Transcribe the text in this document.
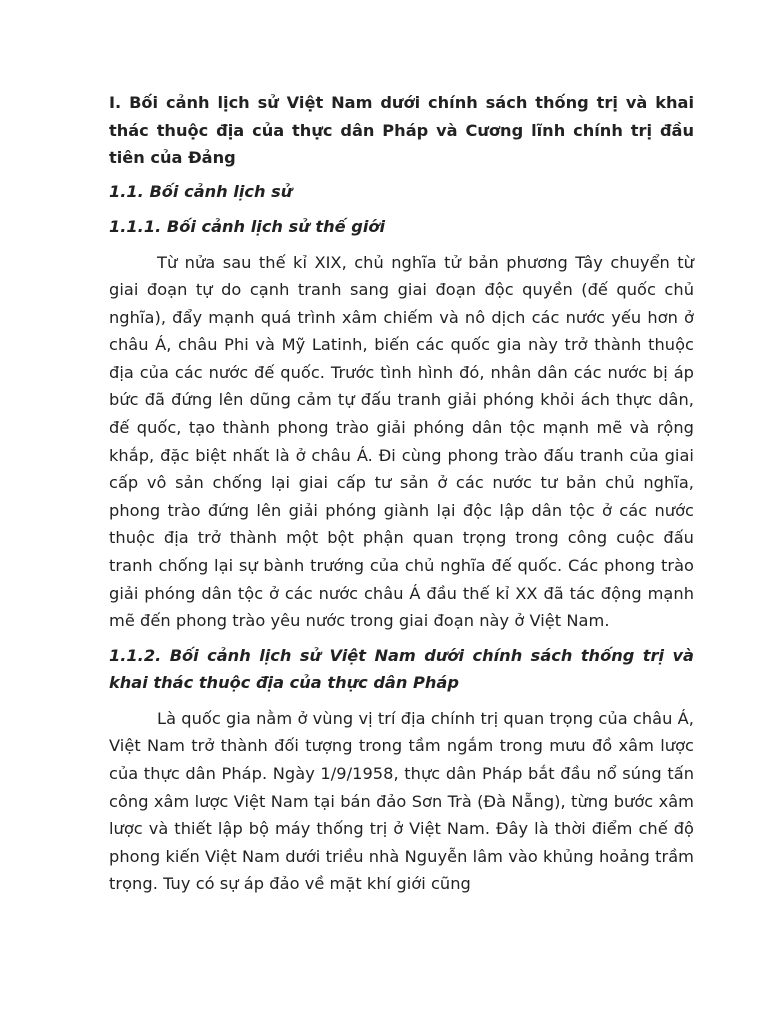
I. Bối cảnh lịch sử Việt Nam dưới chính sách thống trị và khai thác thuộc địa của thực dân Pháp và Cương lĩnh chính trị đầu tiên của Đảng
1.1. Bối cảnh lịch sử
1.1.1. Bối cảnh lịch sử thế giới

Từ nửa sau thế kỉ XIX, chủ nghĩa tử bản phương Tây chuyển từ giai đoạn tự do cạnh tranh sang giai đoạn độc quyền (đế quốc chủ nghĩa), đẩy mạnh quá trình xâm chiếm và nô dịch các nước yếu hơn ở châu Á, châu Phi và Mỹ Latinh, biến các quốc gia này trở thành thuộc địa của các nước đế quốc. Trước tình hình đó, nhân dân các nước bị áp bức đã đứng lên dũng cảm tự đấu tranh giải phóng khỏi ách thực dân, đế quốc, tạo thành phong trào giải phóng dân tộc mạnh mẽ và rộng khắp, đặc biệt nhất là ở châu Á. Đi cùng phong trào đấu tranh của giai cấp vô sản chống lại giai cấp tư sản ở các nước tư bản chủ nghĩa, phong trào đứng lên giải phóng giành lại độc lập dân tộc ở các nước thuộc địa trở thành một bột phận quan trọng trong công cuộc đấu tranh chống lại sự bành trướng của chủ nghĩa đế quốc. Các phong trào giải phóng dân tộc ở các nước châu Á đầu thế kỉ XX đã tác động mạnh mẽ đến phong trào yêu nước trong giai đoạn này ở Việt Nam.

1.1.2. Bối cảnh lịch sử Việt Nam dưới chính sách thống trị và khai thác thuộc địa của thực dân Pháp

Là quốc gia nằm ở vùng vị trí địa chính trị quan trọng của châu Á, Việt Nam trở thành đối tượng trong tầm ngắm trong mưu đồ xâm lược của thực dân Pháp. Ngày 1/9/1958, thực dân Pháp bắt đầu nổ súng tấn công xâm lược Việt Nam tại bán đảo Sơn Trà (Đà Nẵng), từng bước xâm lược và thiết lập bộ máy thống trị ở Việt Nam. Đây là thời điểm chế độ phong kiến Việt Nam dưới triều nhà Nguyễn lâm vào khủng hoảng trầm trọng. Tuy có sự áp đảo về mặt khí giới cũng
